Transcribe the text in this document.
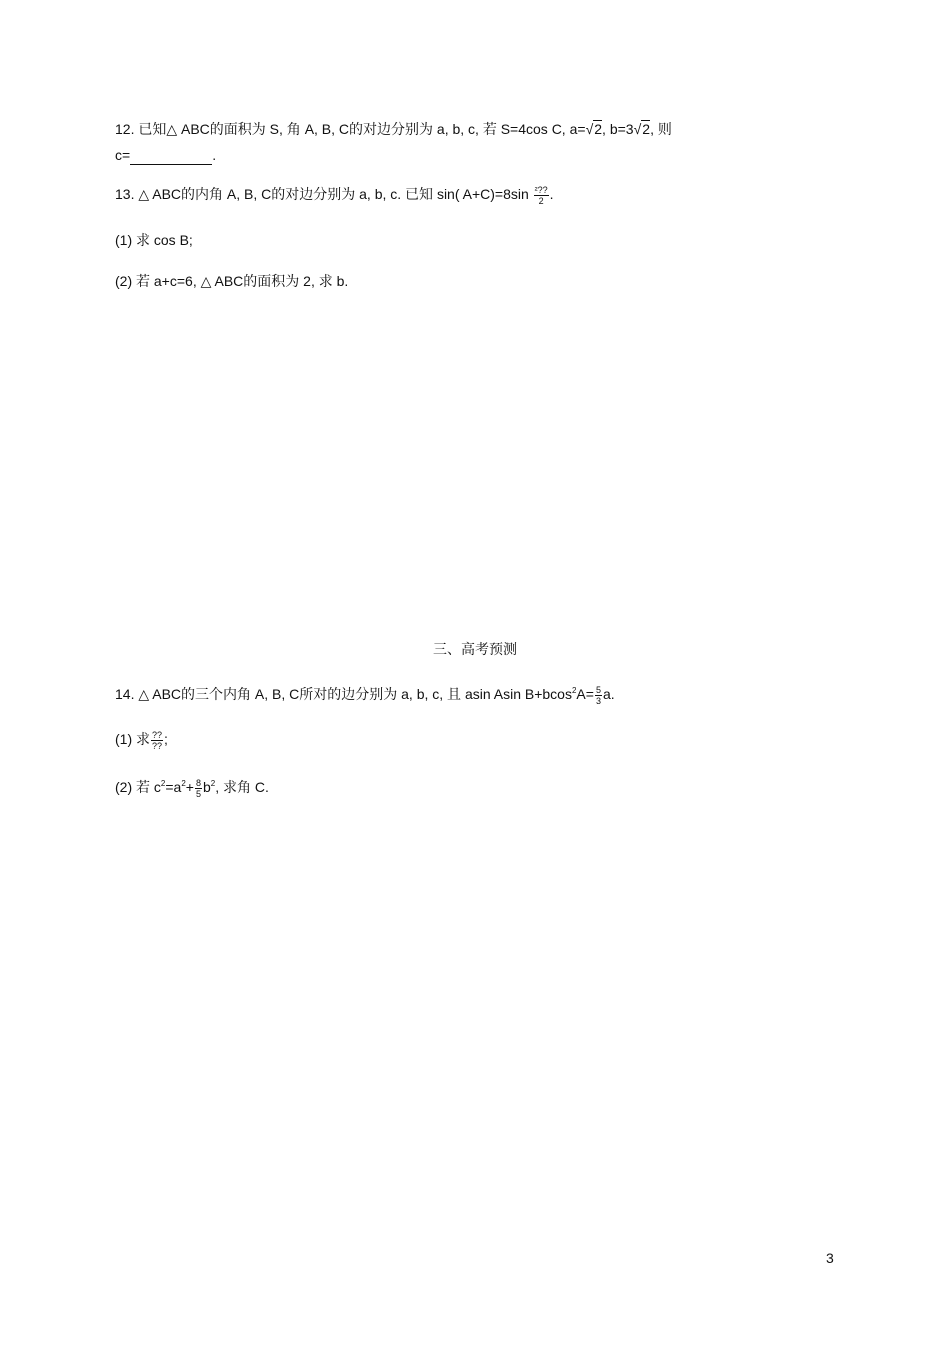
12. 已知△ ABC的面积为 S, 角 A, B, C的对边分别为 a, b, c, 若 S=4cos C, a=√2, b=3√2, 则
c=	.
13. △ ABC的内角 A, B, C的对边分别为 a, b, c. 已知 sin( $A+C)=8\sin \frac{\text{²??}}{2}$ .
(1) 求 cos B;
(2) 若 a+c=6, △ ABC的面积为 2, 求 b.
三、高考预测
14. △ ABC的三个内角 A, B, C所对的边分别为 a, b, c, 且 asin Asin $B+bcos^2A= \frac{5}{3} a$.
(1) 求 $\frac{??}{??}$ ;
(2) 若 $c^2=a^2+ \frac{8}{5} b^2$, 求角 C.
3
